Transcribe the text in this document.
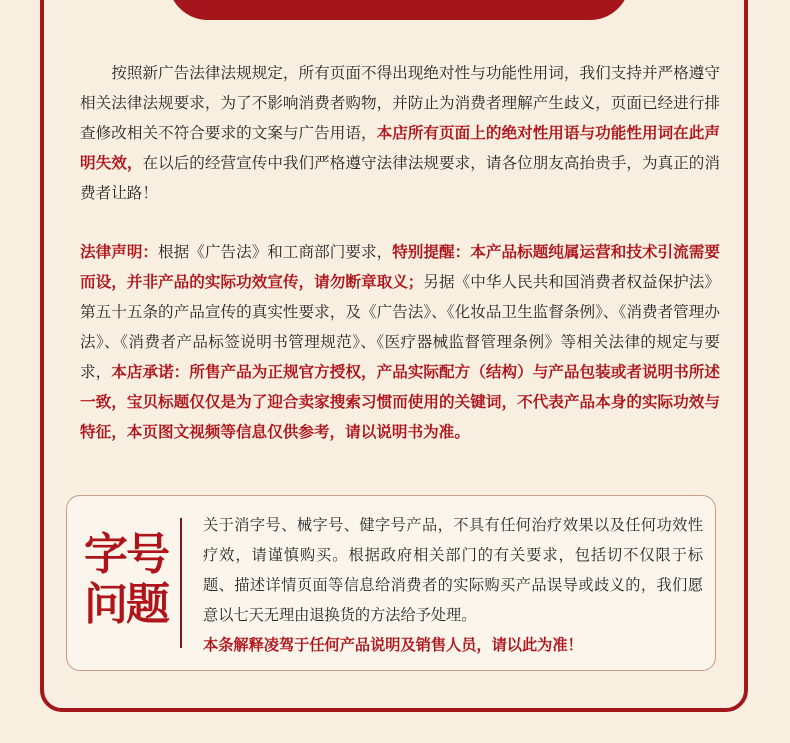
  按照新广告法律法规规定，所有页面不得出现绝对性与功能性用词，我们支持并严格遵守相关法律法规要求，为了不影响消费者购物，并防止为消费者理解产生歧义，页面已经进行排查修改相关不符合要求的文案与广告用语，本店所有页面上的绝对性用语与功能性用词在此声明失效，在以后的经营宣传中我们严格遵守法律法规要求，请各位朋友高抬贵手，为真正的消费者让路！

法律声明：根据《广告法》和工商部门要求，特别提醒：本产品标题纯属运营和技术引流需要而设，并非产品的实际功效宣传，请勿断章取义；另据《中华人民共和国消费者权益保护法》第五十五条的产品宣传的真实性要求，及《广告法》、《化妆品卫生监督条例》、《消费者管理办法》、《消费者产品标签说明书管理规范》、《医疗器械监督管理条例》等相关法律的规定与要求，本店承诺：所售产品为正规官方授权，产品实际配方（结构）与产品包装或者说明书所述一致，宝贝标题仅仅是为了迎合卖家搜索习惯而使用的关键词，不代表产品本身的实际功效与特征，本页图文视频等信息仅供参考，请以说明书为准。

字号
问题

关于消字号、械字号、健字号产品，不具有任何治疗效果以及任何功效性疗效，请谨慎购买。根据政府相关部门的有关要求，包括切不仅限于标题、描述详情页面等信息给消费者的实际购买产品误导或歧义的，我们愿意以七天无理由退换货的方法给予处理。
本条解释凌驾于任何产品说明及销售人员，请以此为准！
